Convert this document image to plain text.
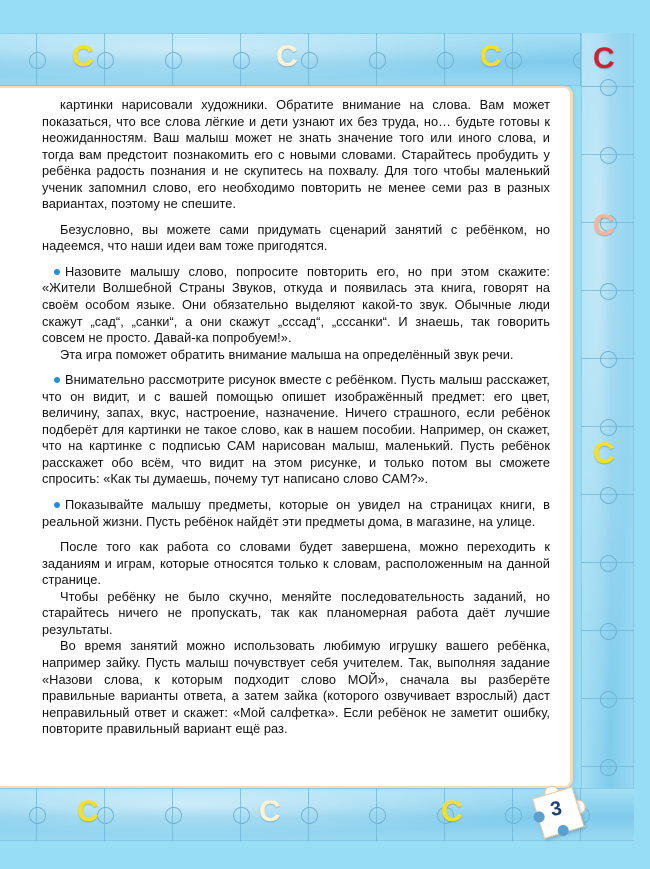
C	C	C	C
C
C
C	C	C

картинки нарисовали художники. Обратите внимание на слова. Вам может показаться, что все слова лёгкие и дети узнают их без труда, но… будьте готовы к неожиданностям. Ваш малыш может не знать значение того или иного слова, и тогда вам предстоит познакомить его с новыми словами. Старайтесь пробудить у ребёнка радость познания и не скупитесь на похвалу. Для того чтобы маленький ученик запомнил слово, его необходимо повторить не менее семи раз в разных вариантах, поэтому не спешите.

Безусловно, вы можете сами придумать сценарий занятий с ребёнком, но надеемся, что наши идеи вам тоже пригодятся.

Назовите малышу слово, попросите повторить его, но при этом скажите: «Жители Волшебной Страны Звуков, откуда и появилась эта книга, говорят на своём особом языке. Они обязательно выделяют какой-то звук. Обычные люди скажут „сад“, „санки“, а они скажут „сссад“, „сссанки“. И знаешь, так говорить совсем не просто. Давай-ка попробуем!».

Эта игра поможет обратить внимание малыша на определённый звук речи.

Внимательно рассмотрите рисунок вместе с ребёнком. Пусть малыш расскажет, что он видит, и с вашей помощью опишет изображённый предмет: его цвет, величину, запах, вкус, настроение, назначение. Ничего страшного, если ребёнок подберёт для картинки не такое слово, как в нашем пособии. Например, он скажет, что на картинке с подписью САМ нарисован малыш, маленький. Пусть ребёнок расскажет обо всём, что видит на этом рисунке, и только потом вы сможете спросить: «Как ты думаешь, почему тут написано слово САМ?».

Показывайте малышу предметы, которые он увидел на страницах книги, в реальной жизни. Пусть ребёнок найдёт эти предметы дома, в магазине, на улице.

После того как работа со словами будет завершена, можно переходить к заданиям и играм, которые относятся только к словам, расположенным на данной странице.

Чтобы ребёнку не было скучно, меняйте последовательность заданий, но старайтесь ничего не пропускать, так как планомерная работа даёт лучшие результаты.

Во время занятий можно использовать любимую игрушку вашего ребёнка, например зайку. Пусть малыш почувствует себя учителем. Так, выполняя задание «Назови слова, к которым подходит слово МОЙ», сначала вы разберёте правильные варианты ответа, а затем зайка (которого озвучивает взрослый) даст неправильный ответ и скажет: «Мой салфетка». Если ребёнок не заметит ошибку, повторите правильный вариант ещё раз.

3
